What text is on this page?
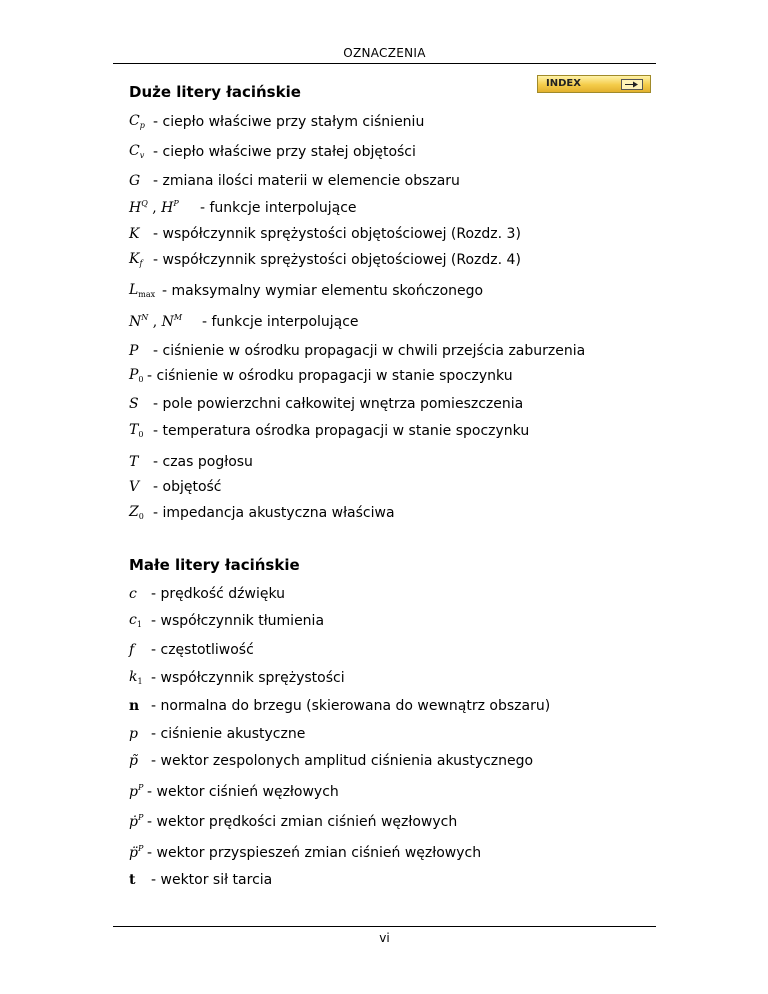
OZNACZENIA
INDEX
Duże litery łacińskie
$C_p$ - ciepło właściwe przy stałym ciśnieniu
$C_v$ - ciepło właściwe przy stałej objętości
G - zmiana ilości materii w elemencie obszaru
$H^Q$ , $H^P$ - funkcje interpolujące
K - współczynnik sprężystości objętościowej (Rozdz. 3)
$K_f$ - współczynnik sprężystości objętościowej (Rozdz. 4)
$L_{max}$ - maksymalny wymiar elementu skończonego
$N^N$ , $N^M$ - funkcje interpolujące
P - ciśnienie w ośrodku propagacji w chwili przejścia zaburzenia
$P_0$ - ciśnienie w ośrodku propagacji w stanie spoczynku
S - pole powierzchni całkowitej wnętrza pomieszczenia
$T_0$ - temperatura ośrodka propagacji w stanie spoczynku
T - czas pogłosu
V - objętość
$Z_0$ - impedancja akustyczna właściwa
Małe litery łacińskie
c - prędkość dźwięku
$c_1$ - współczynnik tłumienia
f - częstotliwość
$k_1$ - współczynnik sprężystości
n - normalna do brzegu (skierowana do wewnątrz obszaru)
p - ciśnienie akustyczne
p̃ - wektor zespolonych amplitud ciśnienia akustycznego
$p^P$ - wektor ciśnień węzłowych
ṗ$^P$ - wektor prędkości zmian ciśnień węzłowych
p̈$^P$ - wektor przyspieszeń zmian ciśnień węzłowych
t - wektor sił tarcia
vi
